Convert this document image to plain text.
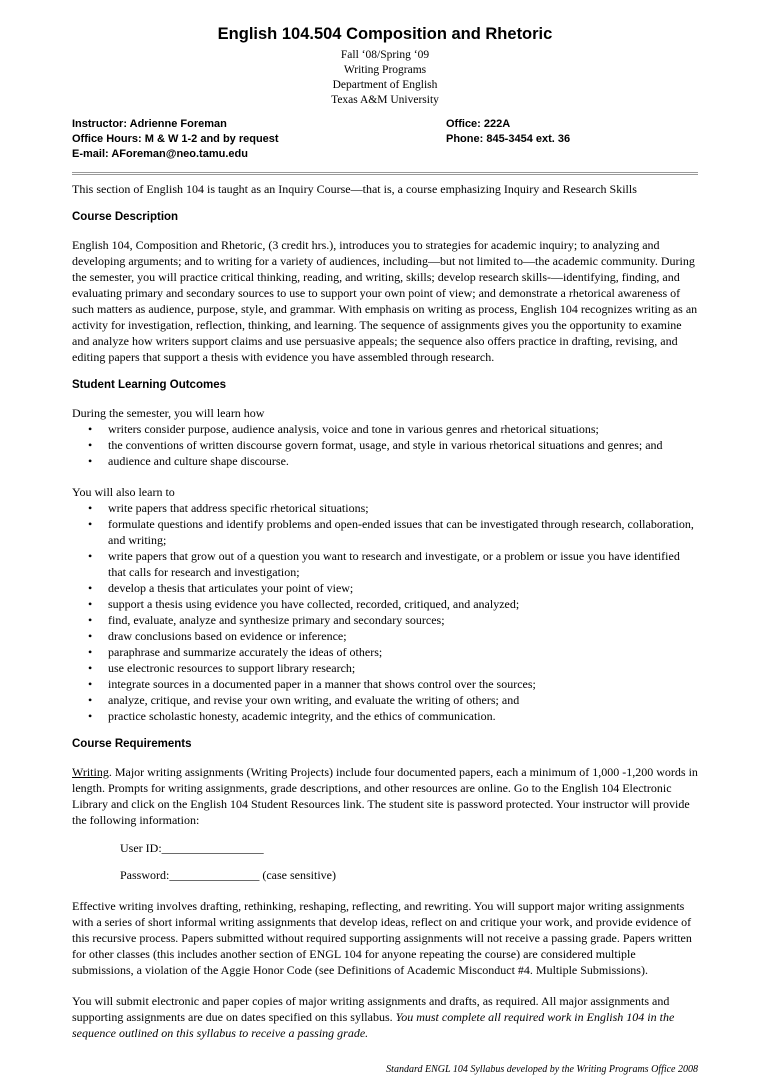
English 104.504 Composition and Rhetoric
Fall ‘08/Spring ‘09
Writing Programs
Department of English
Texas A&M University
Instructor: Adrienne Foreman
Office Hours: M & W 1-2 and by request
E-mail: AForeman@neo.tamu.edu
Office: 222A
Phone: 845-3454 ext. 36

This section of English 104 is taught as an Inquiry Course—that is, a course emphasizing Inquiry and Research Skills

Course Description

English 104, Composition and Rhetoric, (3 credit hrs.), introduces you to strategies for academic inquiry; to analyzing and developing arguments; and to writing for a variety of audiences, including—but not limited to—the academic community. During the semester, you will practice critical thinking, reading, and writing, skills; develop research skills-—identifying, finding, and evaluating primary and secondary sources to use to support your own point of view; and demonstrate a rhetorical awareness of such matters as audience, purpose, style, and grammar. With emphasis on writing as process, English 104 recognizes writing as an activity for investigation, reflection, thinking, and learning. The sequence of assignments gives you the opportunity to examine and analyze how writers support claims and use persuasive appeals; the sequence also offers practice in drafting, revising, and editing papers that support a thesis with evidence you have assembled through research.

Student Learning Outcomes

During the semester, you will learn how

• writers consider purpose, audience analysis, voice and tone in various genres and rhetorical situations;
• the conventions of written discourse govern format, usage, and style in various rhetorical situations and genres; and
• audience and culture shape discourse.

You will also learn to

• write papers that address specific rhetorical situations;
• formulate questions and identify problems and open-ended issues that can be investigated through research, collaboration, and writing;
• write papers that grow out of a question you want to research and investigate, or a problem or issue you have identified that calls for research and investigation;
• develop a thesis that articulates your point of view;
• support a thesis using evidence you have collected, recorded, critiqued, and analyzed;
• find, evaluate, analyze and synthesize primary and secondary sources;
• draw conclusions based on evidence or inference;
• paraphrase and summarize accurately the ideas of others;
• use electronic resources to support library research;
• integrate sources in a documented paper in a manner that shows control over the sources;
• analyze, critique, and revise your own writing, and evaluate the writing of others; and
• practice scholastic honesty, academic integrity, and the ethics of communication.
Course Requirements

Writing. Major writing assignments (Writing Projects) include four documented papers, each a minimum of 1,000 -1,200 words in length. Prompts for writing assignments, grade descriptions, and other resources are online. Go to the English 104 Electronic Library and click on the English 104 Student Resources link. The student site is password protected. Your instructor will provide the following information:

User ID:_________________

Password:_______________ (case sensitive)

Effective writing involves drafting, rethinking, reshaping, reflecting, and rewriting. You will support major writing assignments with a series of short informal writing assignments that develop ideas, reflect on and critique your work, and provide evidence of this recursive process. Papers submitted without required supporting assignments will not receive a passing grade. Papers written for other classes (this includes another section of ENGL 104 for anyone repeating the course) are considered multiple submissions, a violation of the Aggie Honor Code (see Definitions of Academic Misconduct #4. Multiple Submissions).

You will submit electronic and paper copies of major writing assignments and drafts, as required. All major assignments and supporting assignments are due on dates specified on this syllabus. You must complete all required work in English 104 in the sequence outlined on this syllabus to receive a passing grade.

Standard ENGL 104 Syllabus developed by the Writing Programs Office 2008
